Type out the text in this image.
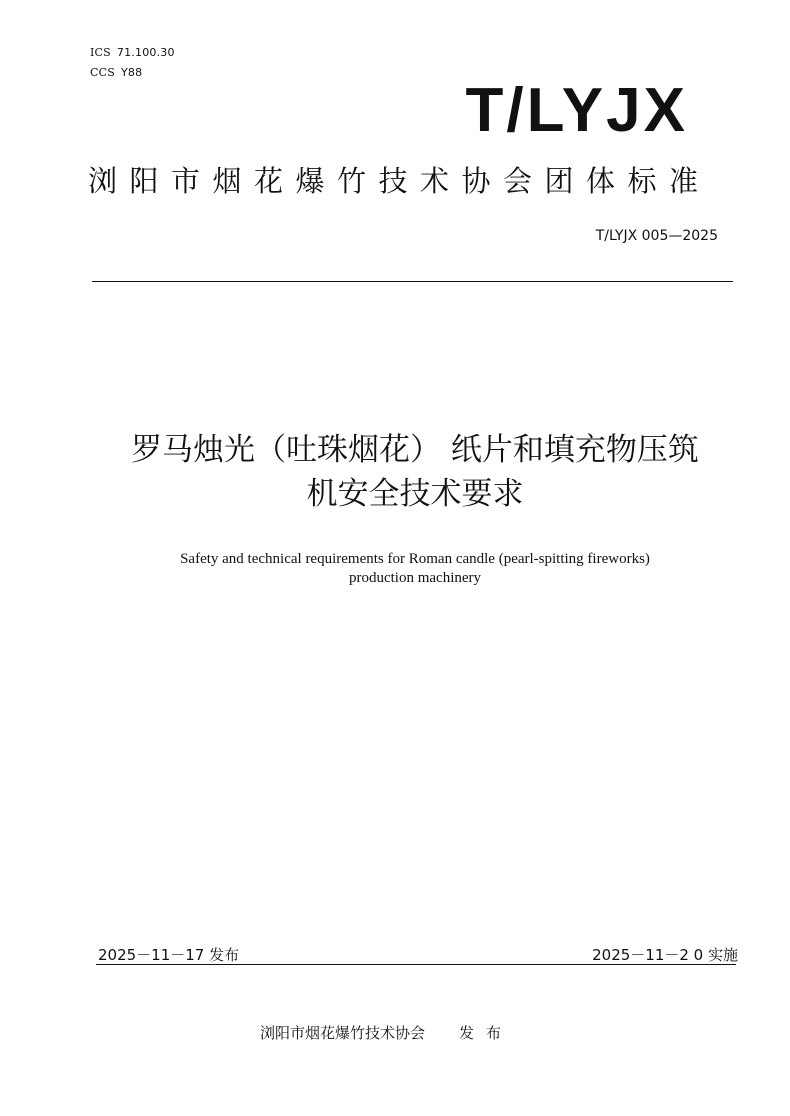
ICS 71.100.30
CCS Y88
T/LYJX
浏阳市烟花爆竹技术协会团体标准
T/LYJX 005—2025
罗马烛光（吐珠烟花） 纸片和填充物压筑
机安全技术要求
Safety and technical requirements for Roman candle (pearl-spitting fireworks)
production machinery
2025－11－17 发布	2025－11－2 0 实施
浏阳市烟花爆竹技术协会 发布
